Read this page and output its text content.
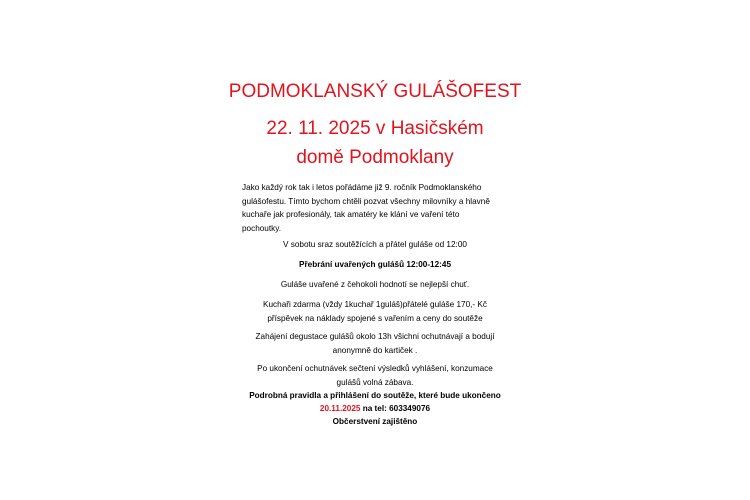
PODMOKLANSKÝ GULÁŠOFEST

22. 11. 2025 v Hasičském

domě Podmoklany

Jako každý rok tak i letos pořádáme již 9. ročník Podmoklanského
gulášofestu. Tímto bychom chtěli pozvat všechny milovníky a hlavně
kuchaře jak profesionály, tak amatéry ke klání ve vaření této
pochoutky.

V sobotu sraz soutěžících a přátel guláše od 12:00

Přebrání uvařených gulášů 12:00-12:45

Guláše uvařené z čehokoli hodnotí se nejlepší chuť.

Kuchaři zdarma (vždy 1kuchař 1guláš)přátelé guláše 170,- Kč
příspěvek na náklady spojené s vařením a ceny do soutěže
Zahájení degustace gulášů okolo 13h všichni ochutnávají a bodují
anonymně do kartiček .
Po ukončení ochutnávek sečtení výsledků vyhlášení, konzumace
gulášů volná zábava.

Podrobná pravidla a přihlášení do soutěže, které bude ukončeno

20.11.2025 na tel: 603349076

Občerstvení zajištěno
